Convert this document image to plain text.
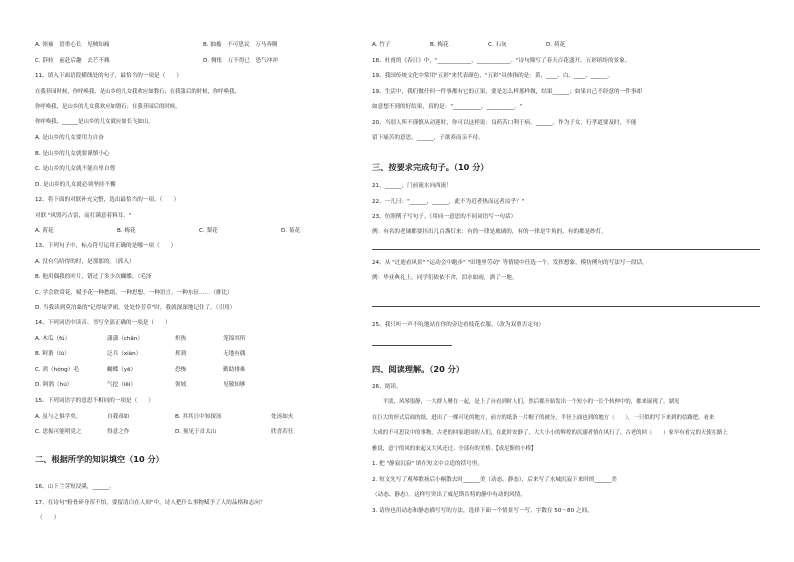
A. 领袖　语重心长　见贼知痛	B. 抽搐　不可思议　万马奔腾
C. 辞转　前赴后趣　去芒不赖	D. 惆怅　万不得已　恐气冲冲
11、填入下面语段横线处的句子，最恰当的一项是（　　）
在我菲园时候，你呼唤我，是山乡的儿女我欢应如磐石；在我第后的时候，你呼唤我，
你呼唤我，是山乡的儿女我欢应如磐石；在我菲园后的时候，
你呼唤我，______是山乡的儿女就应如长飞如山。
A. 是山乡的儿女要用力自奋
B. 是山乡的儿女就要谨慎小心
C. 是山乡的儿女就不能自卑自尊
D. 是山乡的儿女就必须坚持不懈
12、将下面的对联补充完整，选出最恰当的一项。（　　）
对联 "风毁巧吉雷，而打满意着料耳。"
A. 荷花	B. 梅花	C. 梨花	D. 菊花
13、下列句子中，标点符号运用正确的是哪一项（　　）
A. 没有鸟哈得的时，是那那的。（抓入）
B. 他用偶我的叶片，错过了多少次蝴蝶。（毛泽
C. 学会欣赏花，赋予花一种愁绪，一种思想，一种语言，一种东征……（排比）
D. 当我读到莫泊桑的"记得绿罗裙，处处怜芳草"时，我就深深地记住了。（引用）
14、下列词语中读音、书写全部正确的一项是（　　）
A. 木瓜（fú）	潇潇（chǎn）	炽热	笼锦其所
B. 阿谐（lù）	泛兵（xiàn）	挥到	无地有偶
C. 鸿（hóng）毛	蝴蝶（yē）	恐怖	勤助排难
D. 阿鹄（hú）	气挖（lěi）	领域	见敬知够
15、下列词语字的意思不相同的一项是（　　）
A. 虽与之俱学矣。	自我毒如	B. 其其日中知探汤	处汤如火
C. 思振可能明党之	得意之作	D. 预见于首太山	欣喜若狂
二、根据所学的知识填空（10 分）
16、山下兰芽短浸溪，______。
17、在诗句"粉骨碎身浑不怕，要留清白在人间"中，诗人把什么事物赋予了人的品格和志向？
（　　）
A. 竹子	B. 梅花	C. 石灰	D. 荷花
18、杜甫的《春日》中，"____________，____________。"诗句描写了春天百花盛开、五彩缤纷的景象。
19、我国传统文化中常用"五彩"来代表颜色，"五彩"具体指的是：黄、____、白、____、______。
19、生活中，我们做任何一件事都有它的正果，要是怎么样那样做，结果______；如果自己不经意的一件事却
如意想不到的好结果，真的是："__________，__________。"
20、当别人所不谨慎从动迎时，你可以这样说：良药苦口利于病，______。作为子女，行孝道要及时，不能
留下痛苦的意思，______，子欲养而亲不待。
三、按要求完成句子。（10 分）
21、______，门前流水向西流！
22、一儿曰："______，______，此不为近者热而远者凉乎？"
23、仿照例子写句子。（用同一意思的不同词语写一句话）
例：有名的老铺都要挂出几百盏灯来：有的一律是玻璃的，有的一律是牛角的，有的都是纱灯。
24、从 "过迪看风景" "运动会中跑步" "田地里劳动" 等情境中任选一个，发挥想象，模仿例句的写法写一段话。
例：毕业典礼上，同学们依依不舍，泪水如雨，洒了一地。
25、我只听一声不吭地站在你的旁边看枝花衣服。（改为双重否定句）
四、阅读理解。（20 分）
26、阅读。
　　平淡，风琴很静，一大群人聚在一起，是上了台看到时人们，然后都开始发出一个短小的一长个转伸中的，都来展现了，湖见
在巨大的形式后面的纸，进出了一棵可见的地方，前方的纸条一片帽子的被分，半径上面也到的地方（　　），一只似的写下来到的信路把。看来
大成的不可思议中的事物，古老的回家建国的人们，在此时安静了，大大小小的辉煌的沉溺者情在风行了，古老的回（　　）家早有看完的天使在路上
雅说，意宁的风的来起又大风还过。全部有的美格。【成尼斯的小桥】
1. 把 "静寂沉寂" 填在短文中合适的括号里。
2. 短文先写了观琴歌扬后小桐散去时______美（动态、静态），后来写了水城沉寂下来时的______美
（动态、静态）。这样写突出了威尼斯告特的静中有动的风情。
3. 请你也用动态和静态描写写的方法，选择下面一个情景写一写，字数在 50～80 之间。
